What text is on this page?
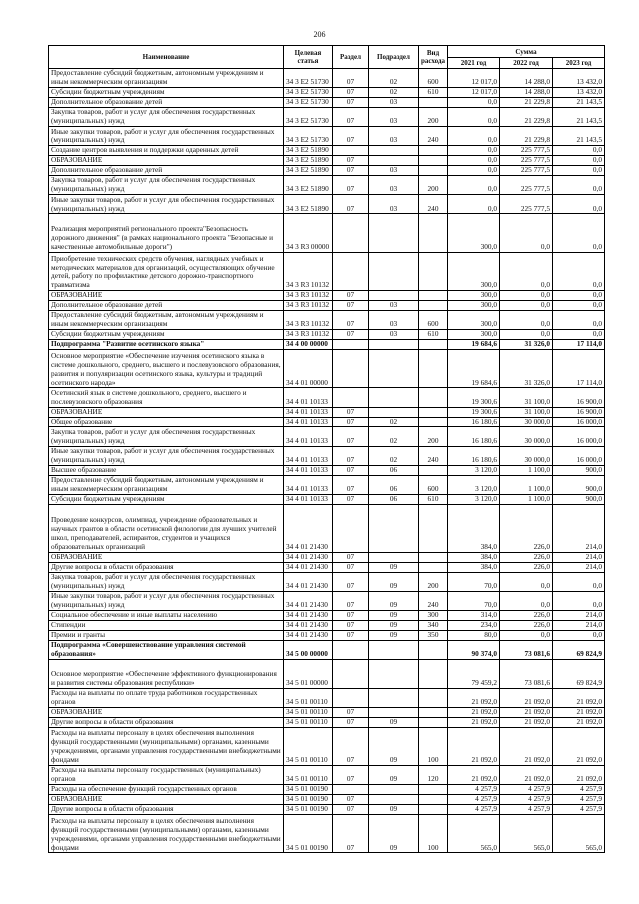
206
Наименование	Целевая статья	Раздел	Подраздел	Вид расхода	Сумма		
					2021 год	2022 год	2023 год
Предоставление субсидий бюджетным, автономным учреждениям и иным некоммерческим организациям	34 3 E2 51730	07	02	600	12 017,0	14 288,0	13 432,0
Субсидии бюджетным учреждениям	34 3 E2 51730	07	02	610	12 017,0	14 288,0	13 432,0
Дополнительное образование детей	34 3 E2 51730	07	03		0,0	21 229,8	21 143,5
Закупка товаров, работ и услуг для обеспечения государственных (муниципальных) нужд	34 3 E2 51730	07	03	200	0,0	21 229,8	21 143,5
Иные закупки товаров, работ и услуг для обеспечения государственных (муниципальных) нужд	34 3 E2 51730	07	03	240	0,0	21 229,8	21 143,5
Создание центров выявления и поддержки одаренных детей	34 3 E2 51890				0,0	225 777,5	0,0
ОБРАЗОВАНИЕ	34 3 E2 51890	07			0,0	225 777,5	0,0
Дополнительное образование детей	34 3 E2 51890	07	03		0,0	225 777,5	0,0
Закупка товаров, работ и услуг для обеспечения государственных (муниципальных) нужд	34 3 E2 51890	07	03	200	0,0	225 777,5	0,0
Иные закупки товаров, работ и услуг для обеспечения государственных (муниципальных) нужд	34 3 E2 51890	07	03	240	0,0	225 777,5	0,0
Реализация мероприятий регионального проекта"Безопасность дорожного движения" (в рамках национального проекта "Безопасные и качественные автомобильные дороги")	34 3 R3 00000				300,0	0,0	0,0
Приобретение технических средств обучения, наглядных учебных и методических материалов для организаций, осуществляющих обучение детей, работу по профилактике детского дорожно-транспортного травматизма	34 3 R3 10132				300,0	0,0	0,0
ОБРАЗОВАНИЕ	34 3 R3 10132	07			300,0	0,0	0,0
Дополнительное образование детей	34 3 R3 10132	07	03		300,0	0,0	0,0
Предоставление субсидий бюджетным, автономным учреждениям и иным некоммерческим организациям	34 3 R3 10132	07	03	600	300,0	0,0	0,0
Субсидии бюджетным учреждениям	34 3 R3 10132	07	03	610	300,0	0,0	0,0
Подпрограмма "Развитие осетинского языка"	34 4 00 00000				19 684,6	31 326,0	17 114,0
Основное мероприятие «Обеспечение изучения осетинского языка в системе дошкольного, среднего, высшего и послевузовского образования, развития и популяризации осетинского языка, культуры и традиций осетинского народа»	34 4 01 00000				19 684,6	31 326,0	17 114,0
Осетинский язык в системе дошкольного, среднего, высшего и послевузовского образования	34 4 01 10133				19 300,6	31 100,0	16 900,0
ОБРАЗОВАНИЕ	34 4 01 10133	07			19 300,6	31 100,0	16 900,0
Общее образование	34 4 01 10133	07	02		16 180,6	30 000,0	16 000,0
Закупка товаров, работ и услуг для обеспечения государственных (муниципальных) нужд	34 4 01 10133	07	02	200	16 180,6	30 000,0	16 000,0
Иные закупки товаров, работ и услуг для обеспечения государственных (муниципальных) нужд	34 4 01 10133	07	02	240	16 180,6	30 000,0	16 000,0
Высшее образование	34 4 01 10133	07	06		3 120,0	1 100,0	900,0
Предоставление субсидий бюджетным, автономным учреждениям и иным некоммерческим организациям	34 4 01 10133	07	06	600	3 120,0	1 100,0	900,0
Субсидии бюджетным учреждениям	34 4 01 10133	07	06	610	3 120,0	1 100,0	900,0
Проведение конкурсов, олимпиад, учреждение образовательных и научных грантов в области осетинской филологии для лучших учителей школ, преподавателей, аспирантов, студентов и учащихся образовательных организаций	34 4 01 21430				384,0	226,0	214,0
ОБРАЗОВАНИЕ	34 4 01 21430	07			384,0	226,0	214,0
Другие вопросы в области образования	34 4 01 21430	07	09		384,0	226,0	214,0
Закупка товаров, работ и услуг для обеспечения государственных (муниципальных) нужд	34 4 01 21430	07	09	200	70,0	0,0	0,0
Иные закупки товаров, работ и услуг для обеспечения государственных (муниципальных) нужд	34 4 01 21430	07	09	240	70,0	0,0	0,0
Социальное обеспечение и иные выплаты населению	34 4 01 21430	07	09	300	314,0	226,0	214,0
Стипендии	34 4 01 21430	07	09	340	234,0	226,0	214,0
Премии и гранты	34 4 01 21430	07	09	350	80,0	0,0	0,0
Подпрограмма «Совершенствование управления системой образования»	34 5 00 00000				90 374,0	73 081,6	69 824,9
Основное мероприятие «Обеспечение эффективного функционирования и развития системы образования республики»	34 5 01 00000				79 459,2	73 081,6	69 824,9
Расходы на выплаты по оплате труда работников государственных органов	34 5 01 00110				21 092,0	21 092,0	21 092,0
ОБРАЗОВАНИЕ	34 5 01 00110	07			21 092,0	21 092,0	21 092,0
Другие вопросы в области образования	34 5 01 00110	07	09		21 092,0	21 092,0	21 092,0
Расходы на выплаты персоналу в целях обеспечения выполнения функций государственными (муниципальными) органами, казенными учреждениями, органами управления государственными внебюджетными фондами	34 5 01 00110	07	09	100	21 092,0	21 092,0	21 092,0
Расходы на выплаты персоналу государственных (муниципальных) органов	34 5 01 00110	07	09	120	21 092,0	21 092,0	21 092,0
Расходы на обеспечение функций государственных органов	34 5 01 00190				4 257,9	4 257,9	4 257,9
ОБРАЗОВАНИЕ	34 5 01 00190	07			4 257,9	4 257,9	4 257,9
Другие вопросы в области образования	34 5 01 00190	07	09		4 257,9	4 257,9	4 257,9
Расходы на выплаты персоналу в целях обеспечения выполнения функций государственными (муниципальными) органами, казенными учреждениями, органами управления государственными внебюджетными фондами	34 5 01 00190	07	09	100	565,0	565,0	565,0
